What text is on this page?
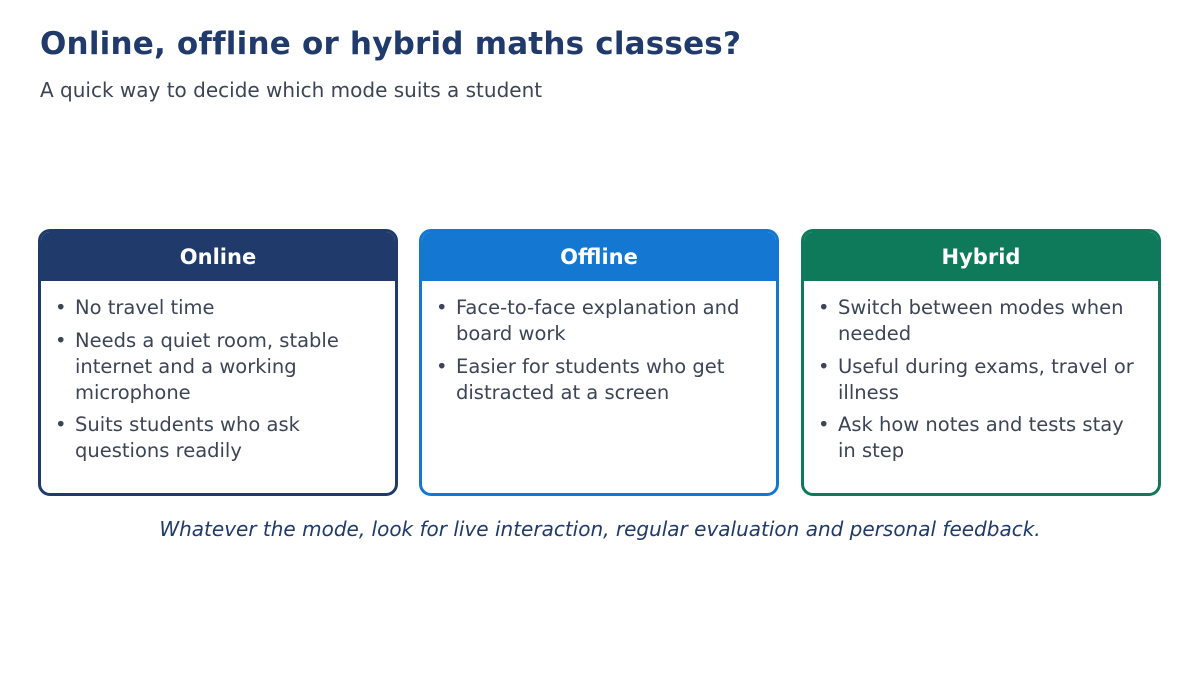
Online, offline or hybrid maths classes?

A quick way to decide which mode suits a student

Online
• No travel time
• Needs a quiet room, stable internet and a working microphone
• Suits students who ask questions readily
Offline
• Face-to-face explanation and board work
• Easier for students who get distracted at a screen
Hybrid
• Switch between modes when needed
• Useful during exams, travel or illness
• Ask how notes and tests stay in step

Whatever the mode, look for live interaction, regular evaluation and personal feedback.
